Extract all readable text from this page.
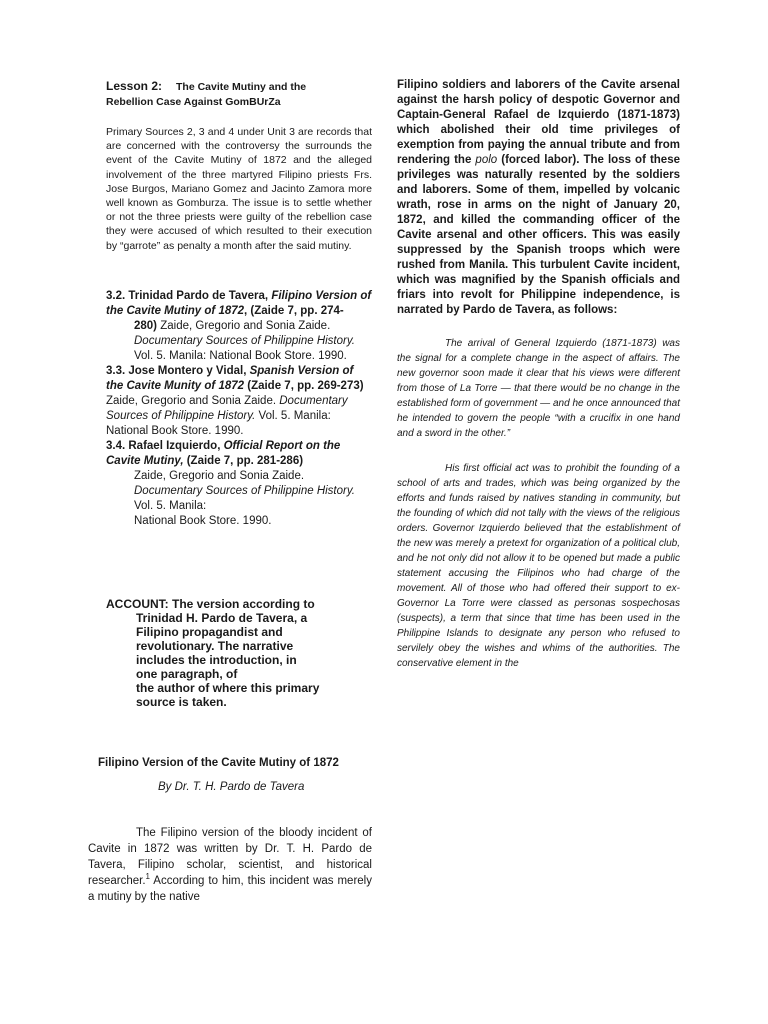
Lesson 2: The Cavite Mutiny and the
Rebellion Case Against GomBUrZa

Primary Sources 2, 3 and 4 under Unit 3 are records that are concerned with the controversy the surrounds the event of the Cavite Mutiny of 1872 and the alleged involvement of the three martyred Filipino priests Frs. Jose Burgos, Mariano Gomez and Jacinto Zamora more well known as Gomburza. The issue is to settle whether or not the three priests were guilty of the rebellion case they were accused of which resulted to their execution by “garrote” as penalty a month after the said mutiny.

3.2. Trinidad Pardo de Tavera, Filipino Version of the Cavite Mutiny of 1872, (Zaide 7, pp. 274-
280) Zaide, Gregorio and Sonia Zaide. Documentary Sources of Philippine History. Vol. 5. Manila: National Book Store. 1990.
3.3. Jose Montero y Vidal, Spanish Version of the Cavite Munity of 1872 (Zaide 7, pp. 269-273) Zaide, Gregorio and Sonia Zaide. Documentary Sources of Philippine History. Vol. 5. Manila: National Book Store. 1990.
3.4. Rafael Izquierdo, Official Report on the Cavite Mutiny, (Zaide 7, pp. 281-286)
Zaide, Gregorio and Sonia Zaide.
Documentary Sources of Philippine History. Vol. 5. Manila:
National Book Store. 1990.
ACCOUNT: The version according to
Trinidad H. Pardo de Tavera, a
Filipino propagandist and
revolutionary. The narrative
includes the introduction, in
one paragraph, of
the author of where this primary
source is taken.
Filipino Version of the Cavite Mutiny of 1872
By Dr. T. H. Pardo de Tavera

The Filipino version of the bloody incident of Cavite in 1872 was written by Dr. T. H. Pardo de Tavera, Filipino scholar, scientist, and historical researcher.$^1$ According to him, this incident was merely a mutiny by the native

Filipino soldiers and laborers of the Cavite arsenal against the harsh policy of despotic Governor and Captain-General Rafael de Izquierdo (1871-1873) which abolished their old time privileges of exemption from paying the annual tribute and from rendering the polo (forced labor). The loss of these privileges was naturally resented by the soldiers and laborers. Some of them, impelled by volcanic wrath, rose in arms on the night of January 20, 1872, and killed the commanding officer of the Cavite arsenal and other officers. This was easily suppressed by the Spanish troops which were rushed from Manila. This turbulent Cavite incident, which was magnified by the Spanish officials and friars into revolt for Philippine independence, is narrated by Pardo de Tavera, as follows:

The arrival of General Izquierdo (1871-1873) was the signal for a complete change in the aspect of affairs. The new governor soon made it clear that his views were different from those of La Torre — that there would be no change in the established form of government — and he once announced that he intended to govern the people “with a crucifix in one hand and a sword in the other.”

His first official act was to prohibit the founding of a school of arts and trades, which was being organized by the efforts and funds raised by natives standing in community, but the founding of which did not tally with the views of the religious orders. Governor Izquierdo believed that the establishment of the new was merely a pretext for organization of a political club, and he not only did not allow it to be opened but made a public statement accusing the Filipinos who had charge of the movement. All of those who had offered their support to ex-Governor La Torre were classed as personas sospechosas (suspects), a term that since that time has been used in the Philippine Islands to designate any person who refused to servilely obey the wishes and whims of the authorities. The conservative element in the
